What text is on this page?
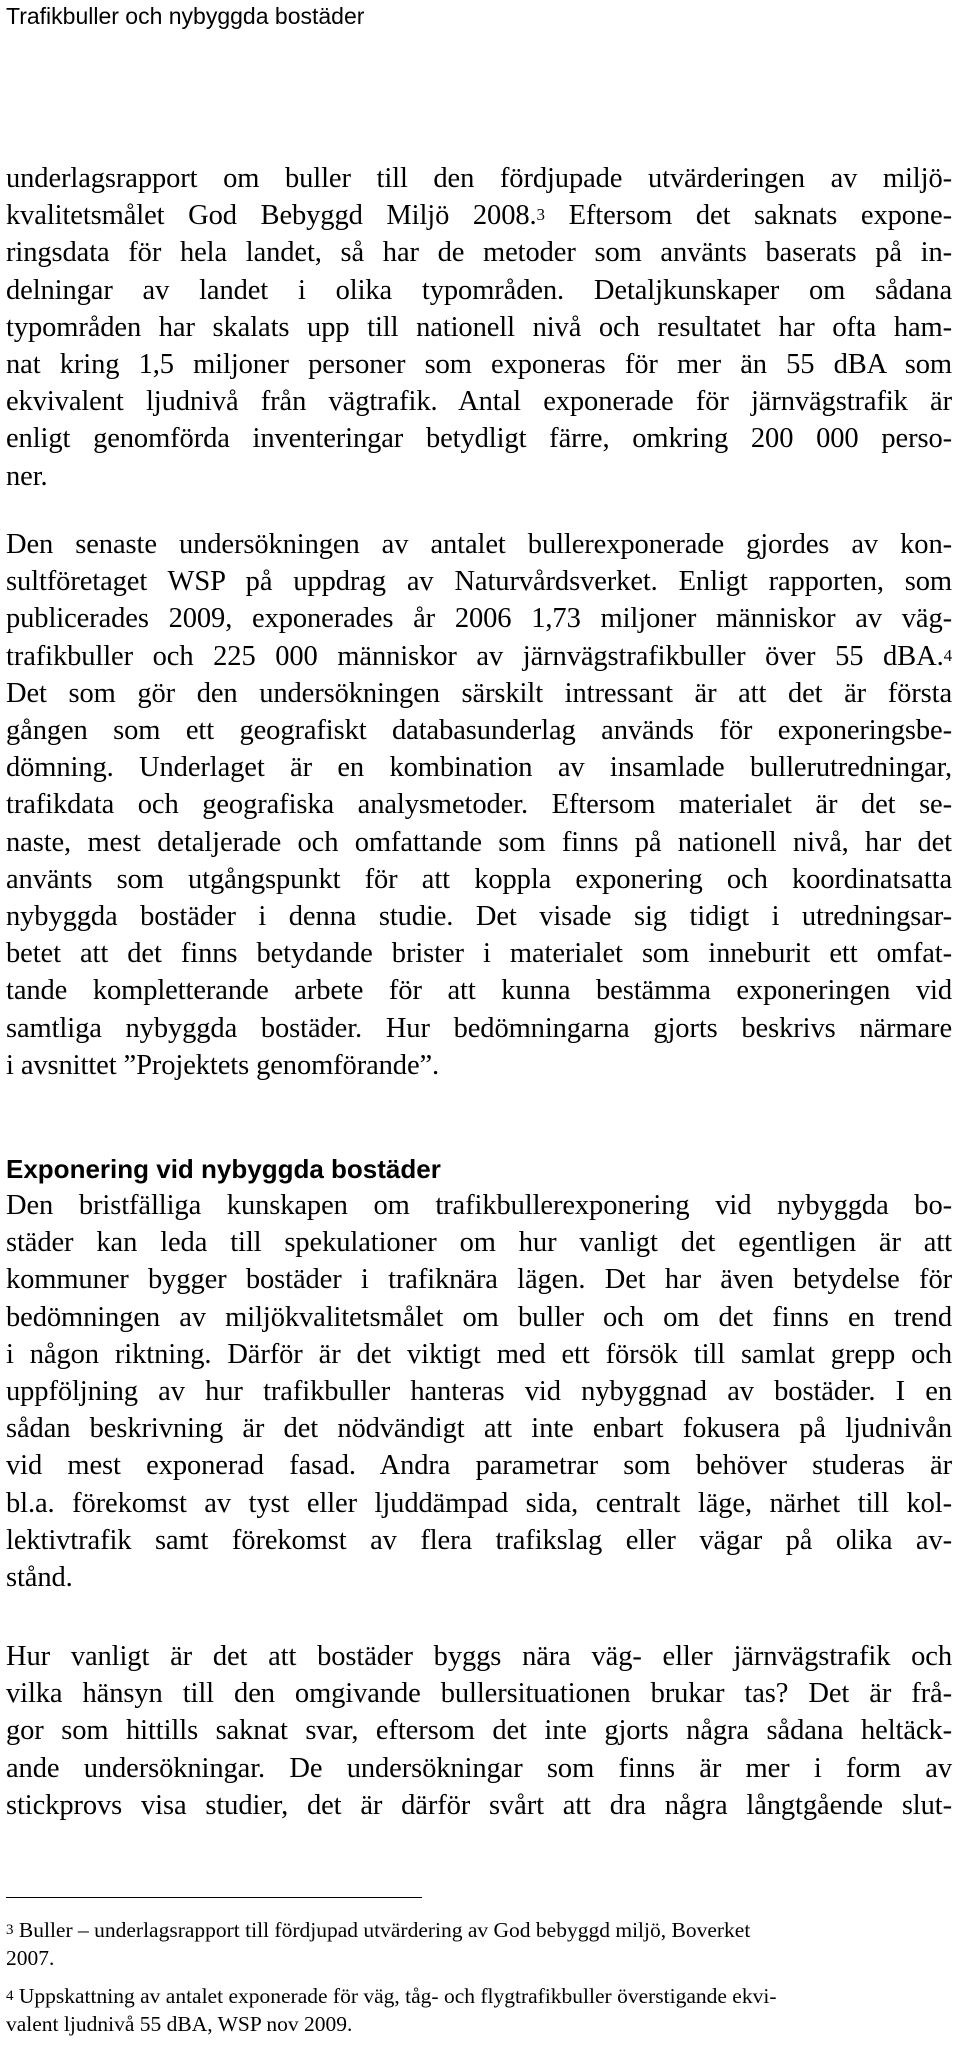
Trafikbuller och nybyggda bostäder
underlagsrapport om buller till den fördjupade utvärderingen av miljö-
kvalitetsmålet God Bebyggd Miljö 2008.$^3$ Eftersom det saknats expone-
ringsdata för hela landet, så har de metoder som använts baserats på in-
delningar av landet i olika typområden. Detaljkunskaper om sådana
typområden har skalats upp till nationell nivå och resultatet har ofta ham-
nat kring 1,5 miljoner personer som exponeras för mer än 55 dBA som
ekvivalent ljudnivå från vägtrafik. Antal exponerade för järnvägstrafik är
enligt genomförda inventeringar betydligt färre, omkring 200 000 perso-
ner.
Den senaste undersökningen av antalet bullerexponerade gjordes av kon-
sultföretaget WSP på uppdrag av Naturvårdsverket. Enligt rapporten, som
publicerades 2009, exponerades år 2006 1,73 miljoner människor av väg-
trafikbuller och 225 000 människor av järnvägstrafikbuller över 55 dBA.$^4$
Det som gör den undersökningen särskilt intressant är att det är första
gången som ett geografiskt databasunderlag används för exponeringsbe-
dömning. Underlaget är en kombination av insamlade bullerutredningar,
trafikdata och geografiska analysmetoder. Eftersom materialet är det se-
naste, mest detaljerade och omfattande som finns på nationell nivå, har det
använts som utgångspunkt för att koppla exponering och koordinatsatta
nybyggda bostäder i denna studie. Det visade sig tidigt i utredningsar-
betet att det finns betydande brister i materialet som inneburit ett omfat-
tande kompletterande arbete för att kunna bestämma exponeringen vid
samtliga nybyggda bostäder. Hur bedömningarna gjorts beskrivs närmare
i avsnittet ”Projektets genomförande”.
Exponering vid nybyggda bostäder
Den bristfälliga kunskapen om trafikbullerexponering vid nybyggda bo-
städer kan leda till spekulationer om hur vanligt det egentligen är att
kommuner bygger bostäder i trafiknära lägen. Det har även betydelse för
bedömningen av miljökvalitetsmålet om buller och om det finns en trend
i någon riktning. Därför är det viktigt med ett försök till samlat grepp och
uppföljning av hur trafikbuller hanteras vid nybyggnad av bostäder. I en
sådan beskrivning är det nödvändigt att inte enbart fokusera på ljudnivån
vid mest exponerad fasad. Andra parametrar som behöver studeras är
bl.a. förekomst av tyst eller ljuddämpad sida, centralt läge, närhet till kol-
lektivtrafik samt förekomst av flera trafikslag eller vägar på olika av-
stånd.
Hur vanligt är det att bostäder byggs nära väg- eller järnvägstrafik och
vilka hänsyn till den omgivande bullersituationen brukar tas? Det är frå-
gor som hittills saknat svar, eftersom det inte gjorts några sådana heltäck-
ande undersökningar. De undersökningar som finns är mer i form av
stickprovs visa studier, det är därför svårt att dra några långtgående slut-
$^3$ Buller – underlagsrapport till fördjupad utvärdering av God bebyggd miljö, Boverket
2007.
$^4$ Uppskattning av antalet exponerade för väg, tåg- och flygtrafikbuller överstigande ekvi-
valent ljudnivå 55 dBA, WSP nov 2009.
